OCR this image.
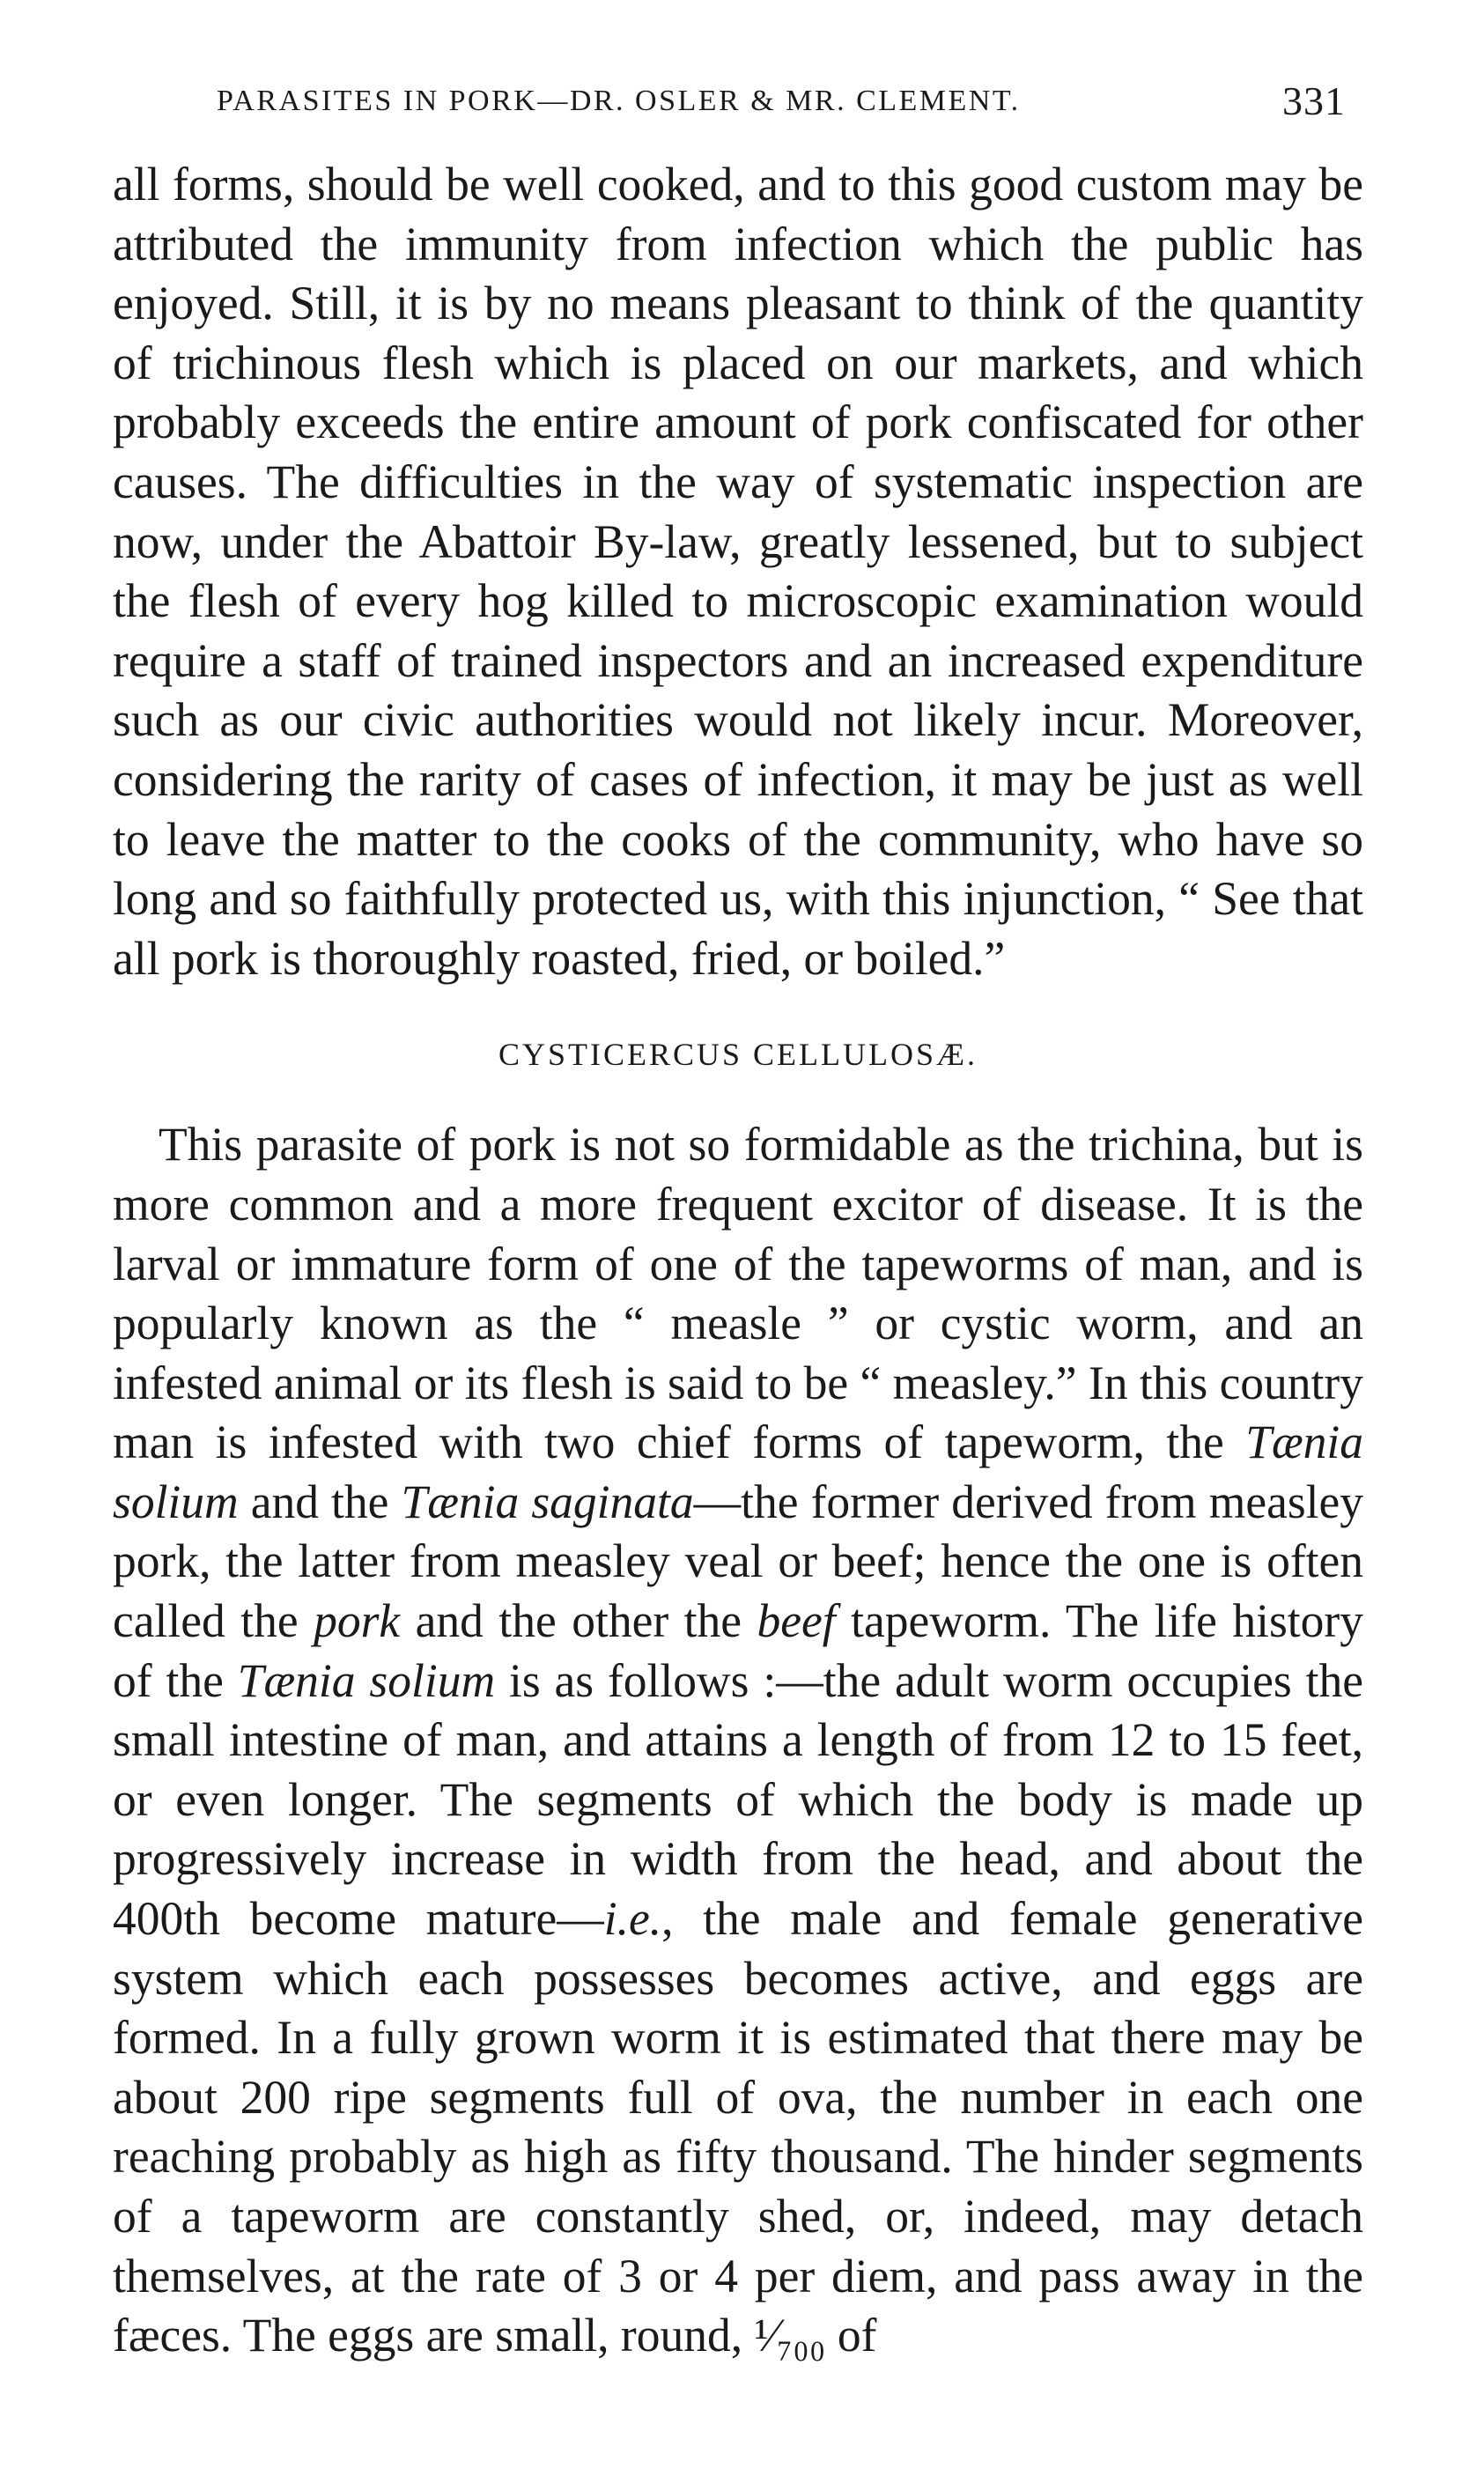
PARASITES IN PORK—DR. OSLER & MR. CLEMENT.	331

all forms, should be well cooked, and to this good custom may be attributed the immunity from infection which the public has enjoyed. Still, it is by no means pleasant to think of the quantity of trichinous flesh which is placed on our markets, and which probably exceeds the entire amount of pork confiscated for other causes. The difficulties in the way of systematic inspection are now, under the Abattoir By-law, greatly lessened, but to subject the flesh of every hog killed to microscopic examination would require a staff of trained inspectors and an increased expenditure such as our civic authorities would not likely incur. Moreover, considering the rarity of cases of infection, it may be just as well to leave the matter to the cooks of the community, who have so long and so faithfully protected us, with this injunction, “ See that all pork is thoroughly roasted, fried, or boiled.”

CYSTICERCUS CELLULOSÆ.

This parasite of pork is not so formidable as the trichina, but is more common and a more frequent excitor of disease. It is the larval or immature form of one of the tapeworms of man, and is popularly known as the “ measle ” or cystic worm, and an infested animal or its flesh is said to be “ measley.” In this country man is infested with two chief forms of tapeworm, the Tænia solium and the Tænia saginata—the former derived from measley pork, the latter from measley veal or beef; hence the one is often called the pork and the other the beef tapeworm. The life history of the Tænia solium is as follows :—the adult worm occupies the small intestine of man, and attains a length of from 12 to 15 feet, or even longer. The segments of which the body is made up progressively increase in width from the head, and about the 400th become mature—i.e., the male and female generative system which each possesses becomes active, and eggs are formed. In a fully grown worm it is estimated that there may be about 200 ripe segments full of ova, the number in each one reaching probably as high as fifty thousand. The hinder segments of a tapeworm are constantly shed, or, indeed, may detach themselves, at the rate of 3 or 4 per diem, and pass away in the fæces. The eggs are small, round, ¹⁄₇₀₀ of
